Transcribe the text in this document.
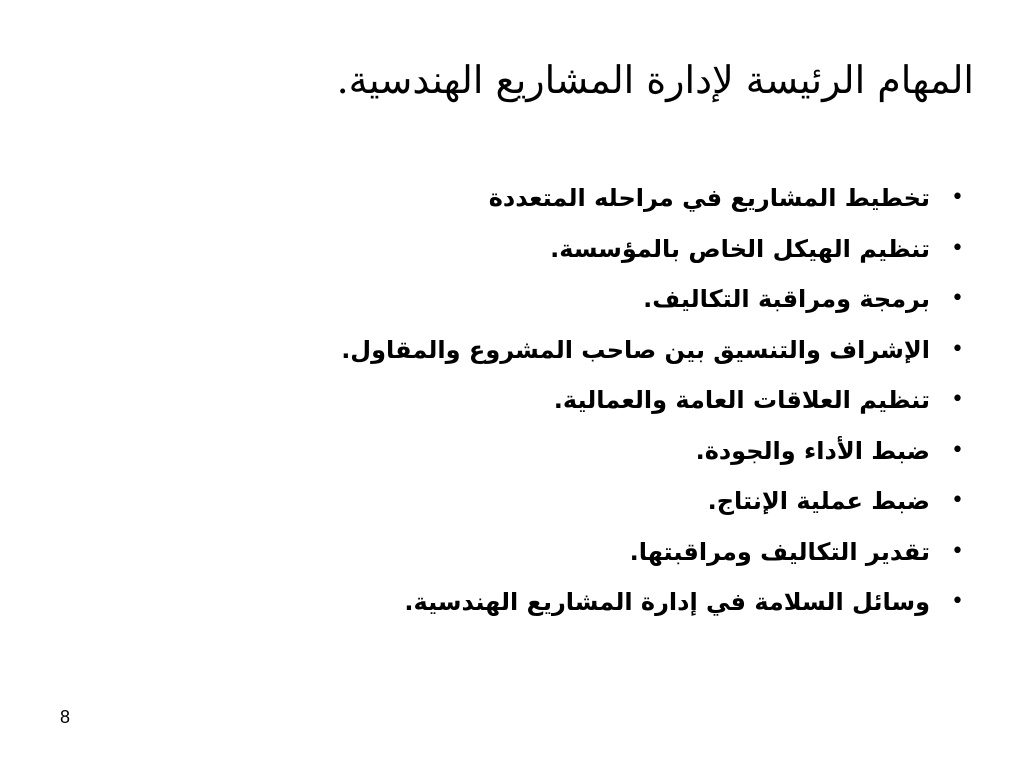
المهام الرئيسة لإدارة المشاريع الهندسية.
•
تخطيط المشاريع في مراحله المتعددة
•
تنظيم الهيكل الخاص بالمؤسسة.
•
برمجة ومراقبة التكاليف.
•
الإشراف والتنسيق بين صاحب المشروع والمقاول.
•
تنظيم العلاقات العامة والعمالية.
•
ضبط الأداء والجودة.
•
ضبط عملية الإنتاج.
•
تقدير التكاليف ومراقبتها.
•
وسائل السلامة في إدارة المشاريع الهندسية.
8
